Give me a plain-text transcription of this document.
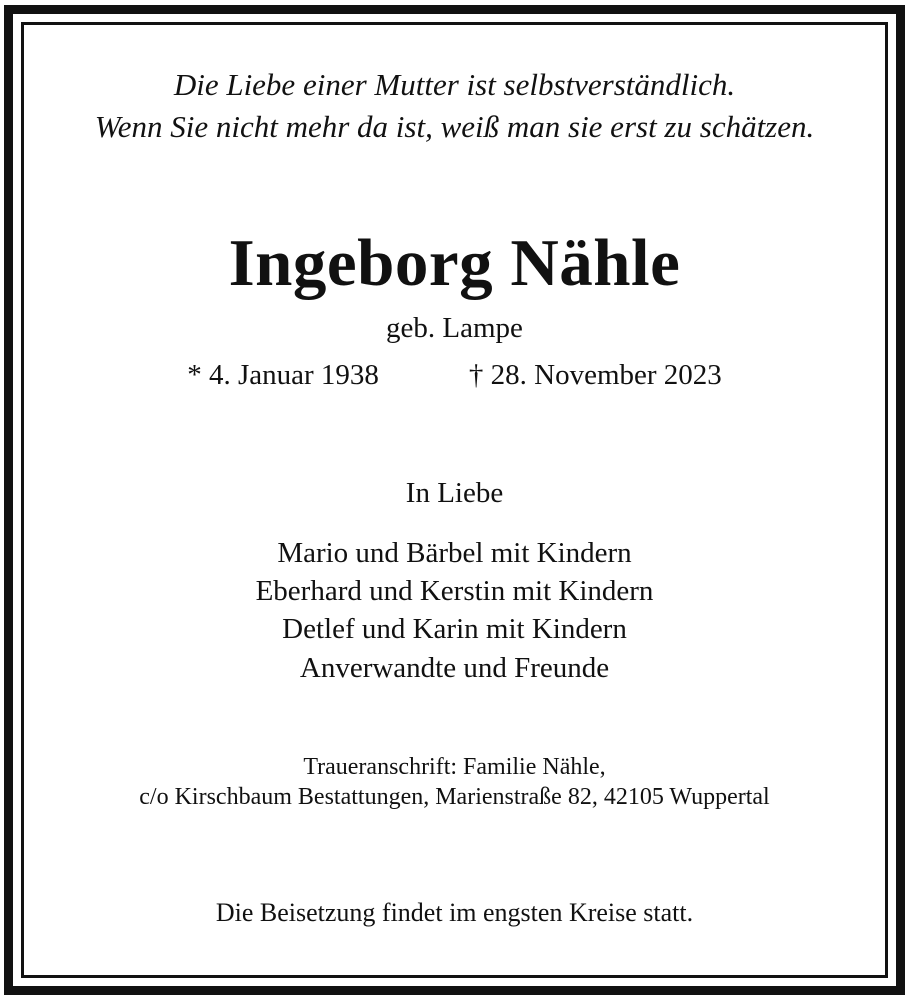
Die Liebe einer Mutter ist selbstverständlich.

Wenn Sie nicht mehr da ist, weiß man sie erst zu schätzen.

Ingeborg Nähle

geb. Lampe

* 4. Januar 1938	† 28. November 2023

In Liebe

Mario und Bärbel mit Kindern

Eberhard und Kerstin mit Kindern

Detlef und Karin mit Kindern

Anverwandte und Freunde

Traueranschrift: Familie Nähle,

c/o Kirschbaum Bestattungen, Marienstraße 82, 42105 Wuppertal

Die Beisetzung findet im engsten Kreise statt.
